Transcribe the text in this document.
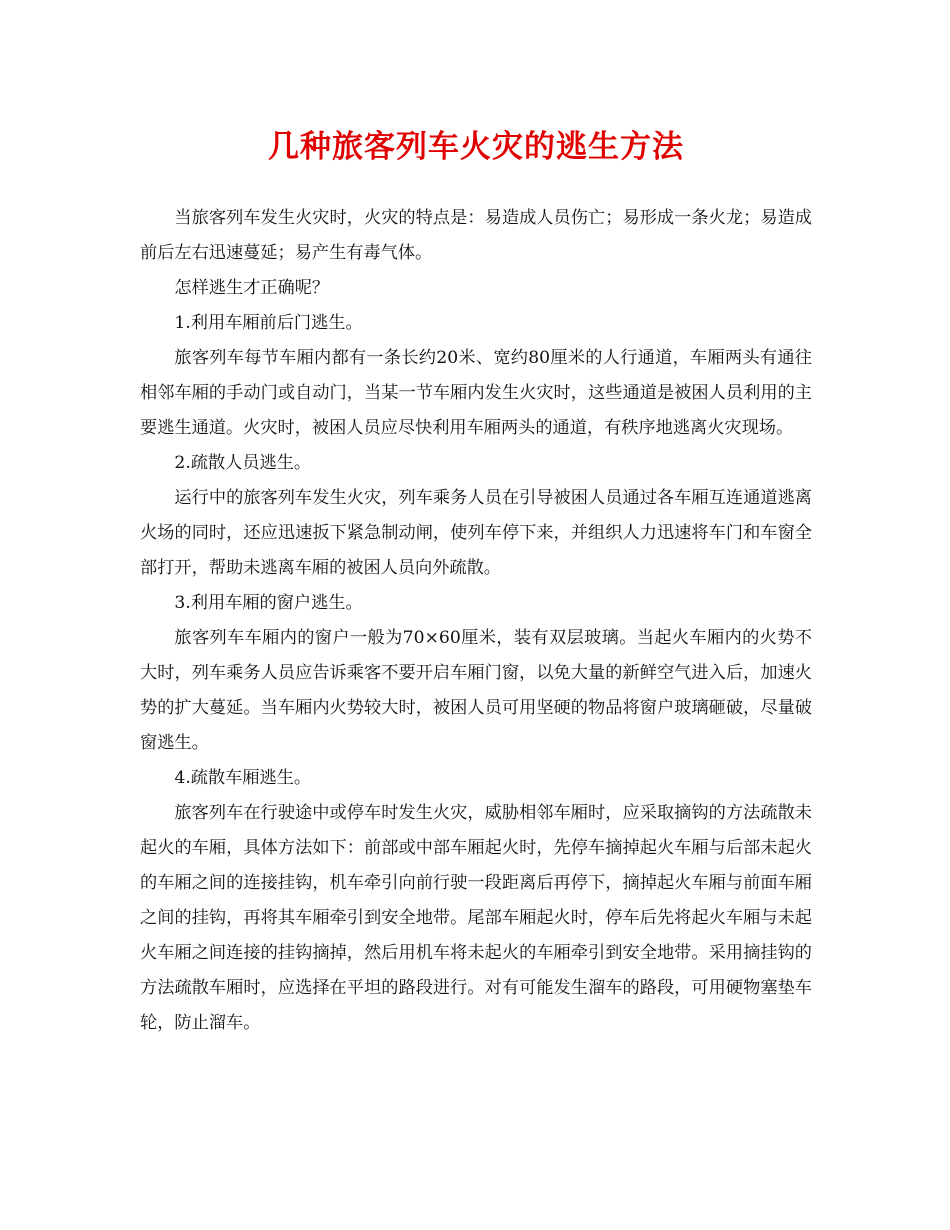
几种旅客列车火灾的逃生方法

当旅客列车发生火灾时，火灾的特点是：易造成人员伤亡；易形成一条火龙；易造成前后左右迅速蔓延；易产生有毒气体。

怎样逃生才正确呢？

1.利用车厢前后门逃生。

旅客列车每节车厢内都有一条长约20米、宽约80厘米的人行通道，车厢两头有通往相邻车厢的手动门或自动门，当某一节车厢内发生火灾时，这些通道是被困人员利用的主要逃生通道。火灾时，被困人员应尽快利用车厢两头的通道，有秩序地逃离火灾现场。

2.疏散人员逃生。

运行中的旅客列车发生火灾，列车乘务人员在引导被困人员通过各车厢互连通道逃离火场的同时，还应迅速扳下紧急制动闸，使列车停下来，并组织人力迅速将车门和车窗全部打开，帮助未逃离车厢的被困人员向外疏散。

3.利用车厢的窗户逃生。

旅客列车车厢内的窗户一般为70×60厘米，装有双层玻璃。当起火车厢内的火势不大时，列车乘务人员应告诉乘客不要开启车厢门窗，以免大量的新鲜空气进入后，加速火势的扩大蔓延。当车厢内火势较大时，被困人员可用坚硬的物品将窗户玻璃砸破，尽量破窗逃生。

4.疏散车厢逃生。

旅客列车在行驶途中或停车时发生火灾，威胁相邻车厢时，应采取摘钩的方法疏散未起火的车厢，具体方法如下：前部或中部车厢起火时，先停车摘掉起火车厢与后部未起火的车厢之间的连接挂钩，机车牵引向前行驶一段距离后再停下，摘掉起火车厢与前面车厢之间的挂钩，再将其车厢牵引到安全地带。尾部车厢起火时，停车后先将起火车厢与未起火车厢之间连接的挂钩摘掉，然后用机车将未起火的车厢牵引到安全地带。采用摘挂钩的方法疏散车厢时，应选择在平坦的路段进行。对有可能发生溜车的路段，可用硬物塞垫车轮，防止溜车。
